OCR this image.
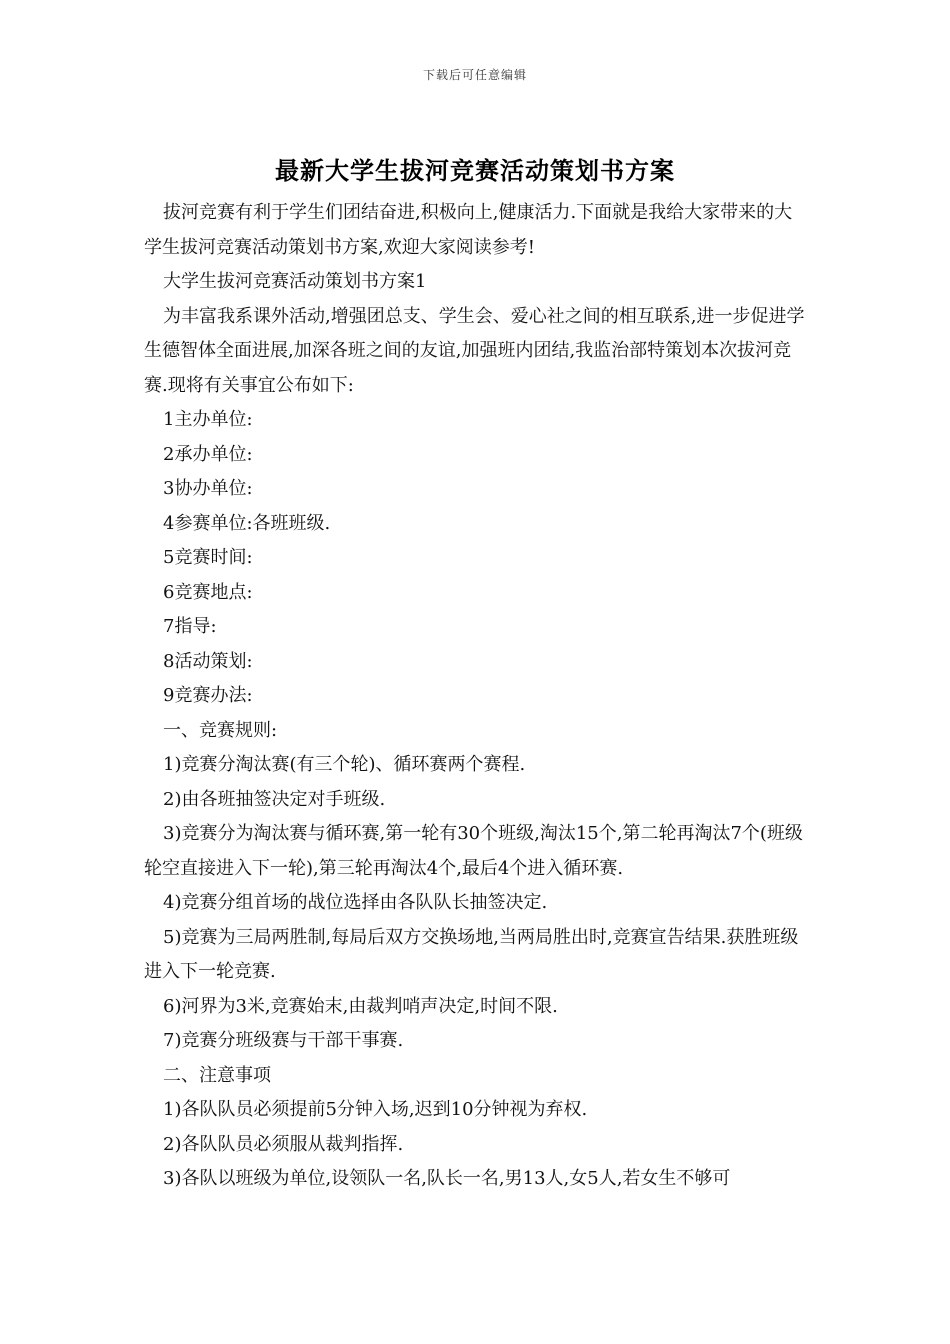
下载后可任意编辑
最新大学生拔河竞赛活动策划书方案

拔河竞赛有利于学生们团结奋进,积极向上,健康活力.下面就是我给大家带来的大学生拔河竞赛活动策划书方案,欢迎大家阅读参考!

大学生拔河竞赛活动策划书方案1

为丰富我系课外活动,增强团总支、学生会、爱心社之间的相互联系,进一步促进学生德智体全面进展,加深各班之间的友谊,加强班内团结,我监治部特策划本次拔河竞赛.现将有关事宜公布如下:

1主办单位:

2承办单位:

3协办单位:

4参赛单位:各班班级.

5竞赛时间:

6竞赛地点:

7指导:

8活动策划:

9竞赛办法:

一、竞赛规则:

1)竞赛分淘汰赛(有三个轮)、循环赛两个赛程.

2)由各班抽签决定对手班级.

3)竞赛分为淘汰赛与循环赛,第一轮有30个班级,淘汰15个,第二轮再淘汰7个(班级轮空直接进入下一轮),第三轮再淘汰4个,最后4个进入循环赛.

4)竞赛分组首场的战位选择由各队队长抽签决定.

5)竞赛为三局两胜制,每局后双方交换场地,当两局胜出时,竞赛宣告结果.获胜班级进入下一轮竞赛.

6)河界为3米,竞赛始末,由裁判哨声决定,时间不限.

7)竞赛分班级赛与干部干事赛.

二、注意事项

1)各队队员必须提前5分钟入场,迟到10分钟视为弃权.

2)各队队员必须服从裁判指挥.

3)各队以班级为单位,设领队一名,队长一名,男13人,女5人,若女生不够可
